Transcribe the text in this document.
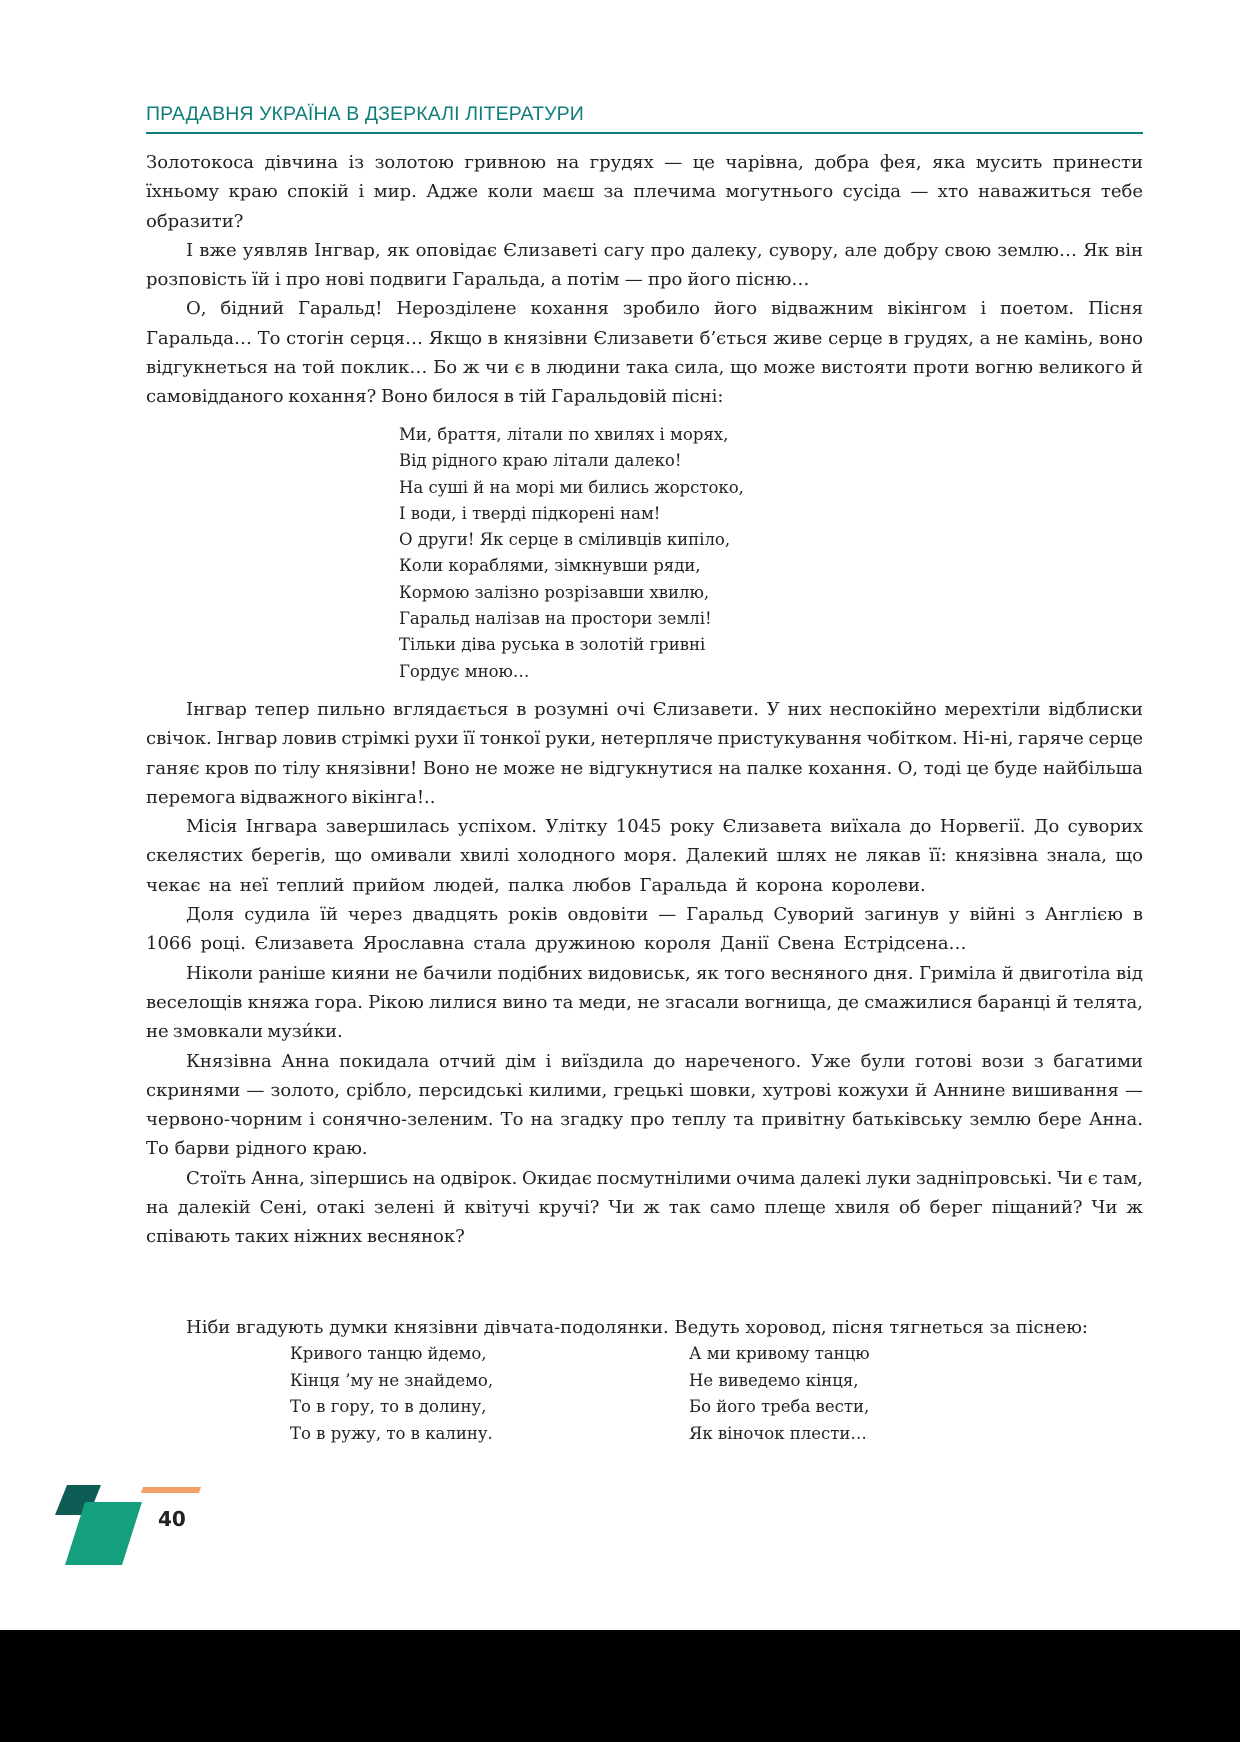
ПРАДАВНЯ УКРАЇНА В ДЗЕРКАЛІ ЛІТЕРАТУРИ

Золотокоса дівчина із золотою гривною на грудях — це чарівна, добра фея, яка мусить принести їхньому краю спокій і мир. Адже коли маєш за плечима могутнього сусіда — хто наважиться тебе образити?

І вже уявляв Інгвар, як оповідає Єлизаветі сагу про далеку, сувору, але добру свою землю… Як він розповість їй і про нові подвиги Гаральда, а потім — про його пісню…

О, бідний Гаральд! Нерозділене кохання зробило його відважним вікінгом і поетом. Пісня Гаральда… То стогін серця… Якщо в князівни Єлизавети б’ється живе серце в грудях, а не камінь, воно відгукнеться на той поклик… Бо ж чи є в людини така сила, що може вистояти проти вогню великого й самовідданого кохання? Воно билося в тій Гаральдовій пісні:

Ми, браття, літали по хвилях і морях,
Від рідного краю літали далеко!
На суші й на морі ми бились жорстоко,
І води, і тверді підкорені нам!
О други! Як серце в сміливців кипіло,
Коли кораблями, зімкнувши ряди,
Кормою залізно розрізавши хвилю,
Гаральд налізав на простори землі!
Тільки діва руська в золотій гривні
Гордує мною…

Інгвар тепер пильно вглядається в розумні очі Єлизавети. У них неспокійно мерехтіли відблиски свічок. Інгвар ловив стрімкі рухи її тонкої руки, нетерпляче пристукування чобітком. Ні-ні, гаряче серце ганяє кров по тілу князівни! Воно не може не відгукнутися на палке кохання. О, тоді це буде найбільша перемога відважного вікінга!..

Місія Інгвара завершилась успіхом. Улітку 1045 року Єлизавета виїхала до Норвегії. До суворих скелястих берегів, що омивали хвилі холодного моря. Далекий шлях не лякав її: князівна знала, що чекає на неї теплий прийом людей, палка любов Гаральда й корона королеви.

Доля судила їй через двадцять років овдовіти — Гаральд Суворий загинув у війні з Англією в 1066 році. Єлизавета Ярославна стала дружиною короля Данії Свена Естрідсена…

Ніколи раніше кияни не бачили подібних видовиськ, як того весняного дня. Гриміла й двиготіла від веселощів княжа гора. Рікою лилися вино та меди, не згасали вогнища, де смажилися баранці й телята, не змовкали музи́ки.

Князівна Анна покидала отчий дім і виїздила до нареченого. Уже були готові вози з багатими скринями — золото, срібло, персидські килими, грецькі шовки, хутрові кожухи й Аннине вишивання — червоно-чорним і сонячно-зеленим. То на згадку про теплу та привітну батьківську землю бере Анна. То барви рідного краю.

Стоїть Анна, зіпершись на одвірок. Окидає посмутнілими очима далекі луки задніпровські. Чи є там, на далекій Сені, отакі зелені й квітучі кручі? Чи ж так само плеще хвиля об берег піщаний? Чи ж співають таких ніжних веснянок?

Ніби вгадують думки князівни дівчата-подолянки. Ведуть хоровод, пісня тягнеться за піснею:

Кривого танцю йдемо,
Кінця ’му не знайдемо,
То в гору, то в долину,
То в ружу, то в калину.
А ми кривому танцю
Не виведемо кінця,
Бо його треба вести,
Як віночок плести…
40
